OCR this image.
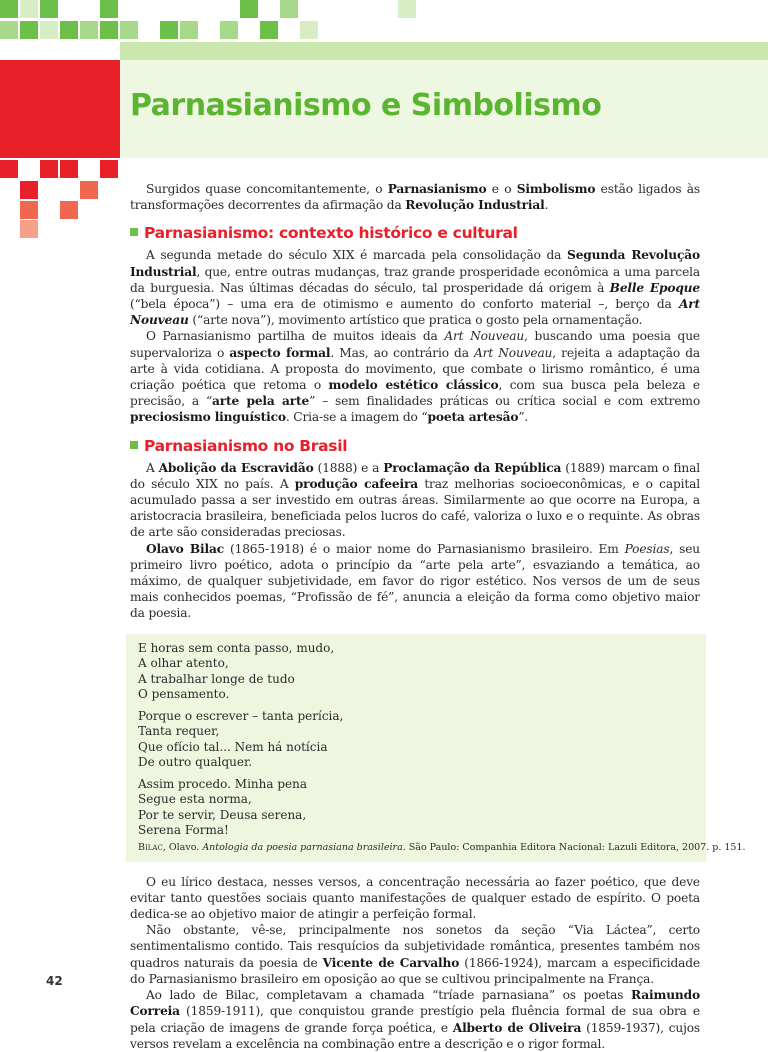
Parnasianismo e Simbolismo

Surgidos quase concomitantemente, o Parnasianismo e o Simbolismo estão ligados às transformações decorrentes da afirmação da Revolução Industrial.

Parnasianismo: contexto histórico e cultural

A segunda metade do século XIX é marcada pela consolidação da Segunda Revolução Industrial, que, entre outras mudanças, traz grande prosperidade econômica a uma parcela da burguesia. Nas últimas décadas do século, tal prosperidade dá origem à Belle Epoque (“bela época”) – uma era de otimismo e aumento do conforto material –, berço da Art Nouveau (“arte nova”), movimento artístico que pratica o gosto pela ornamentação.

O Parnasianismo partilha de muitos ideais da Art Nouveau, buscando uma poesia que supervaloriza o aspecto formal. Mas, ao contrário da Art Nouveau, rejeita a adaptação da arte à vida cotidiana. A proposta do movimento, que combate o lirismo romântico, é uma criação poética que retoma o modelo estético clássico, com sua busca pela beleza e precisão, a “arte pela arte” – sem finalidades práticas ou crítica social e com extremo preciosismo linguístico. Cria-se a imagem do “poeta artesão”.

Parnasianismo no Brasil

A Abolição da Escravidão (1888) e a Proclamação da República (1889) marcam o final do século XIX no país. A produção cafeeira traz melhorias socioeconômicas, e o capital acumulado passa a ser investido em outras áreas. Similarmente ao que ocorre na Europa, a aristocracia brasileira, beneficiada pelos lucros do café, valoriza o luxo e o requinte. As obras de arte são consideradas preciosas.

Olavo Bilac (1865-1918) é o maior nome do Parnasianismo brasileiro. Em Poesias, seu primeiro livro poético, adota o princípio da “arte pela arte”, esvaziando a temática, ao máximo, de qualquer subjetividade, em favor do rigor estético. Nos versos de um de seus mais conhecidos poemas, “Profissão de fé”, anuncia a eleição da forma como objetivo maior da poesia.

E horas sem conta passo, mudo,
A olhar atento,
A trabalhar longe de tudo
O pensamento.
Porque o escrever – tanta perícia,
Tanta requer,
Que ofício tal... Nem há notícia
De outro qualquer.
Assim procedo. Minha pena
Segue esta norma,
Por te servir, Deusa serena,
Serena Forma!
Bilac, Olavo. Antologia da poesia parnasiana brasileira. São Paulo: Companhia Editora Nacional: Lazuli Editora, 2007. p. 151.

O eu lírico destaca, nesses versos, a concentração necessária ao fazer poético, que deve evitar tanto questões sociais quanto manifestações de qualquer estado de espírito. O poeta dedica-se ao objetivo maior de atingir a perfeição formal.

Não obstante, vê-se, principalmente nos sonetos da seção “Via Láctea”, certo sentimentalismo contido. Tais resquícios da subjetividade romântica, presentes também nos quadros naturais da poesia de Vicente de Carvalho (1866-1924), marcam a especificidade do Parnasianismo brasileiro em oposição ao que se cultivou principalmente na França.

Ao lado de Bilac, completavam a chamada “tríade parnasiana” os poetas Raimundo Correia (1859-1911), que conquistou grande prestígio pela fluência formal de sua obra e pela criação de imagens de grande força poética, e Alberto de Oliveira (1859-1937), cujos versos revelam a excelência na combinação entre a descrição e o rigor formal.

42
